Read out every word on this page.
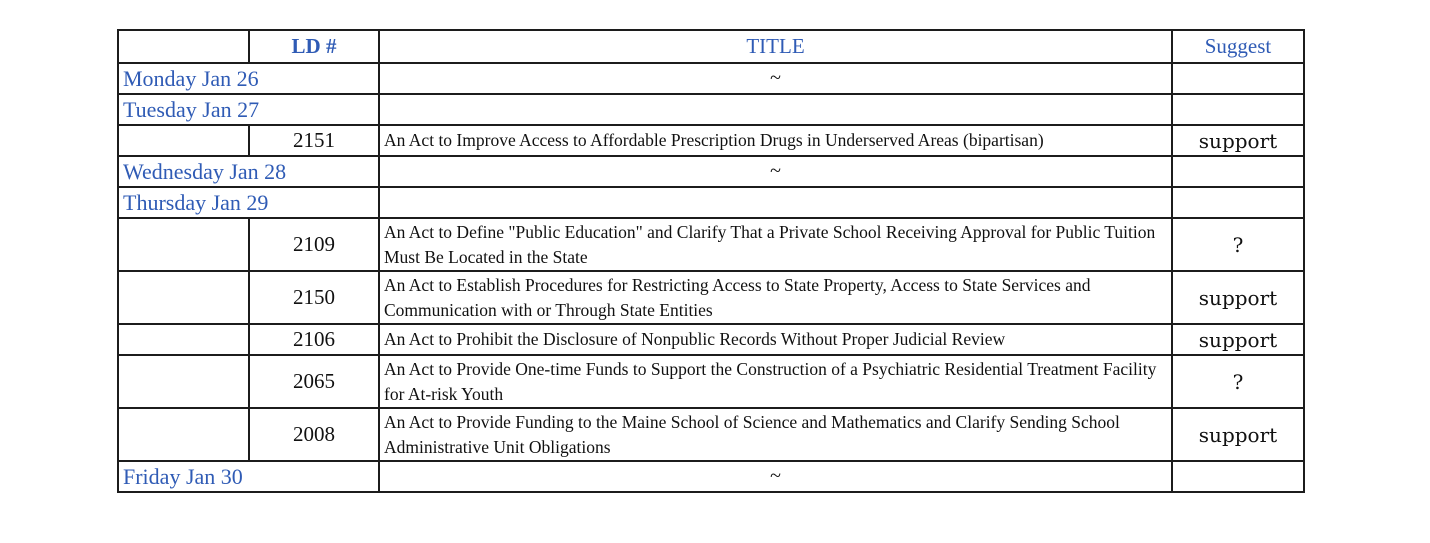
	LD #	TITLE	Suggest
Monday Jan 26		~	
Tuesday Jan 27			
	2151	An Act to Improve Access to Affordable Prescription Drugs in Underserved Areas (bipartisan)	support
Wednesday Jan 28		~	
Thursday Jan 29			
	2109	An Act to Define "Public Education" and Clarify That a Private School Receiving Approval for Public Tuition Must Be Located in the State	?
	2150	An Act to Establish Procedures for Restricting Access to State Property, Access to State Services and Communication with or Through State Entities	support
	2106	An Act to Prohibit the Disclosure of Nonpublic Records Without Proper Judicial Review	support
	2065	An Act to Provide One-time Funds to Support the Construction of a Psychiatric Residential Treatment Facility for At-risk Youth	?
	2008	An Act to Provide Funding to the Maine School of Science and Mathematics and Clarify Sending School Administrative Unit Obligations	support
Friday Jan 30		~	
